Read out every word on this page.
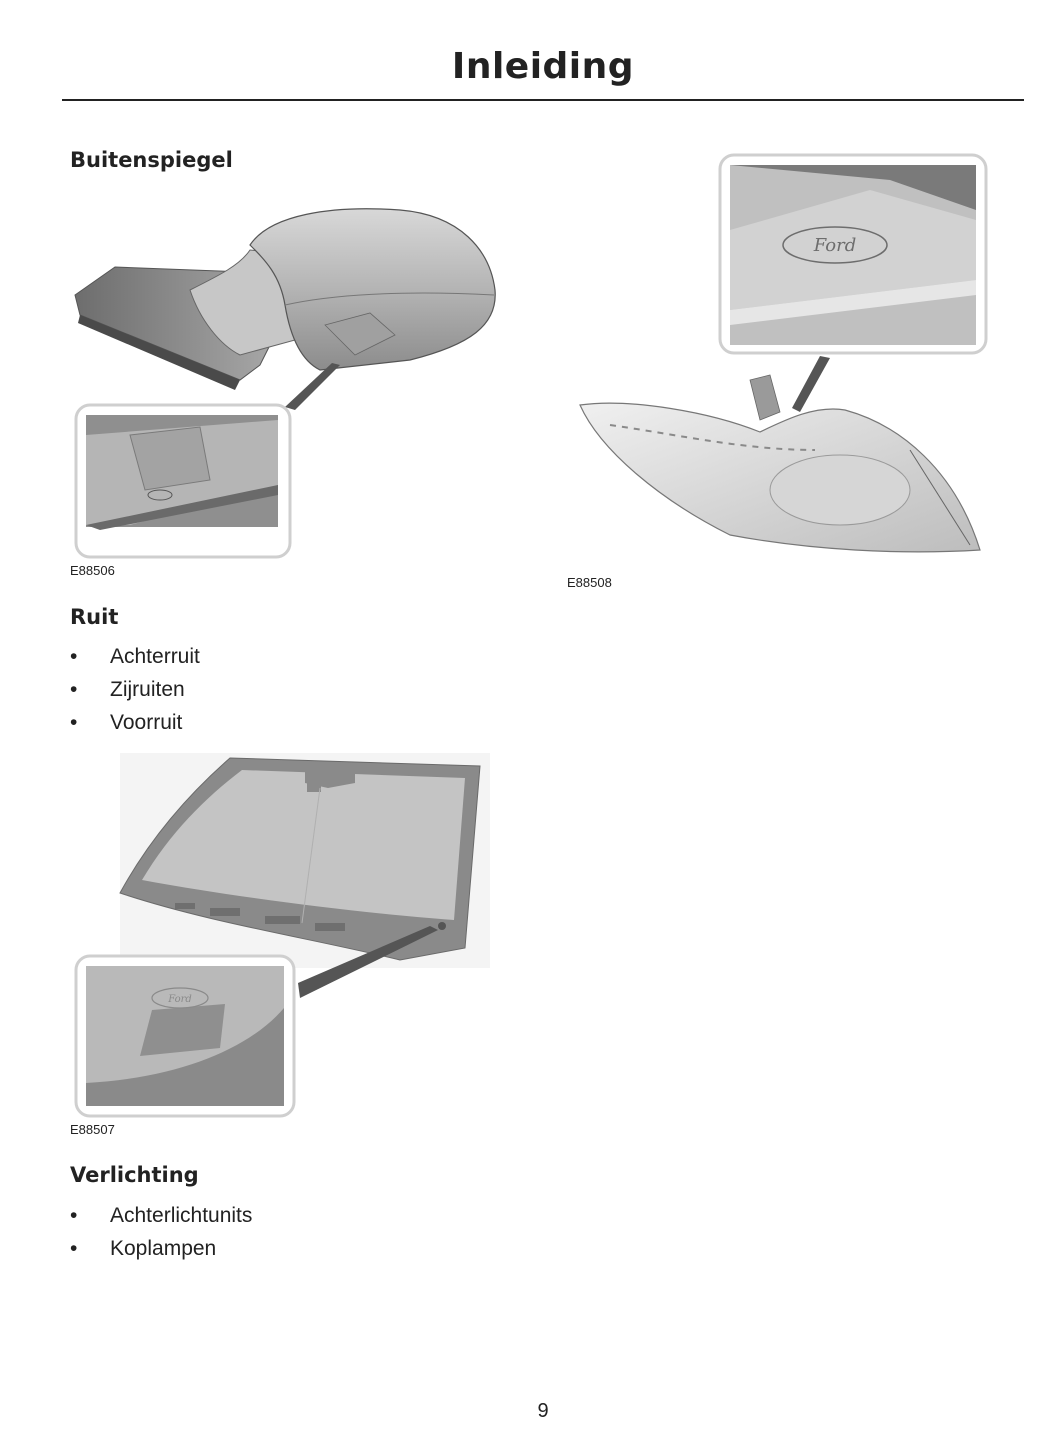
Inleiding
Buitenspiegel
E88506
Ruit
• Achterruit
• Zijruiten
• Voorruit
Ford
E88507
Verlichting
• Achterlichtunits
• Koplampen
Ford
E88508
9
